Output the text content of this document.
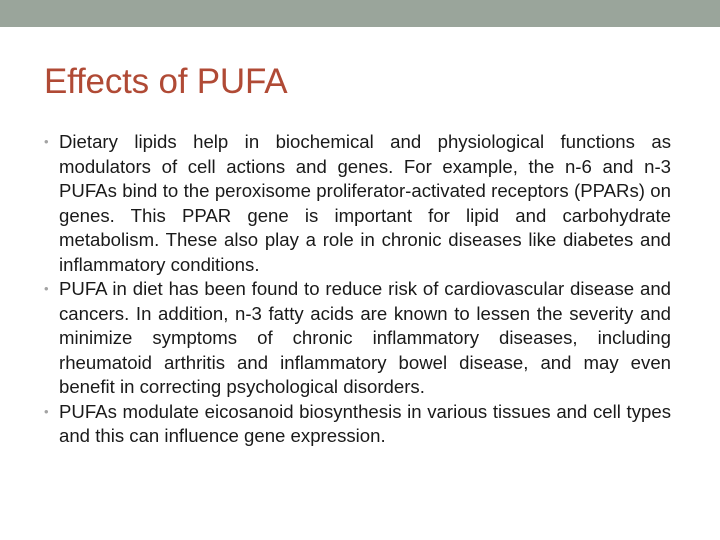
Effects of PUFA
• Dietary lipids help in biochemical and physiological functions as modulators of cell actions and genes. For example, the n-6 and n-3 PUFAs bind to the peroxisome proliferator-activated receptors (PPARs) on genes. This PPAR gene is important for lipid and carbohydrate metabolism. These also play a role in chronic diseases like diabetes and inflammatory conditions.
• PUFA in diet has been found to reduce risk of cardiovascular disease and cancers. In addition, n-3 fatty acids are known to lessen the severity and minimize symptoms of chronic inflammatory diseases, including rheumatoid arthritis and inflammatory bowel disease, and may even benefit in correcting psychological disorders.
• PUFAs modulate eicosanoid biosynthesis in various tissues and cell types and this can influence gene expression.
